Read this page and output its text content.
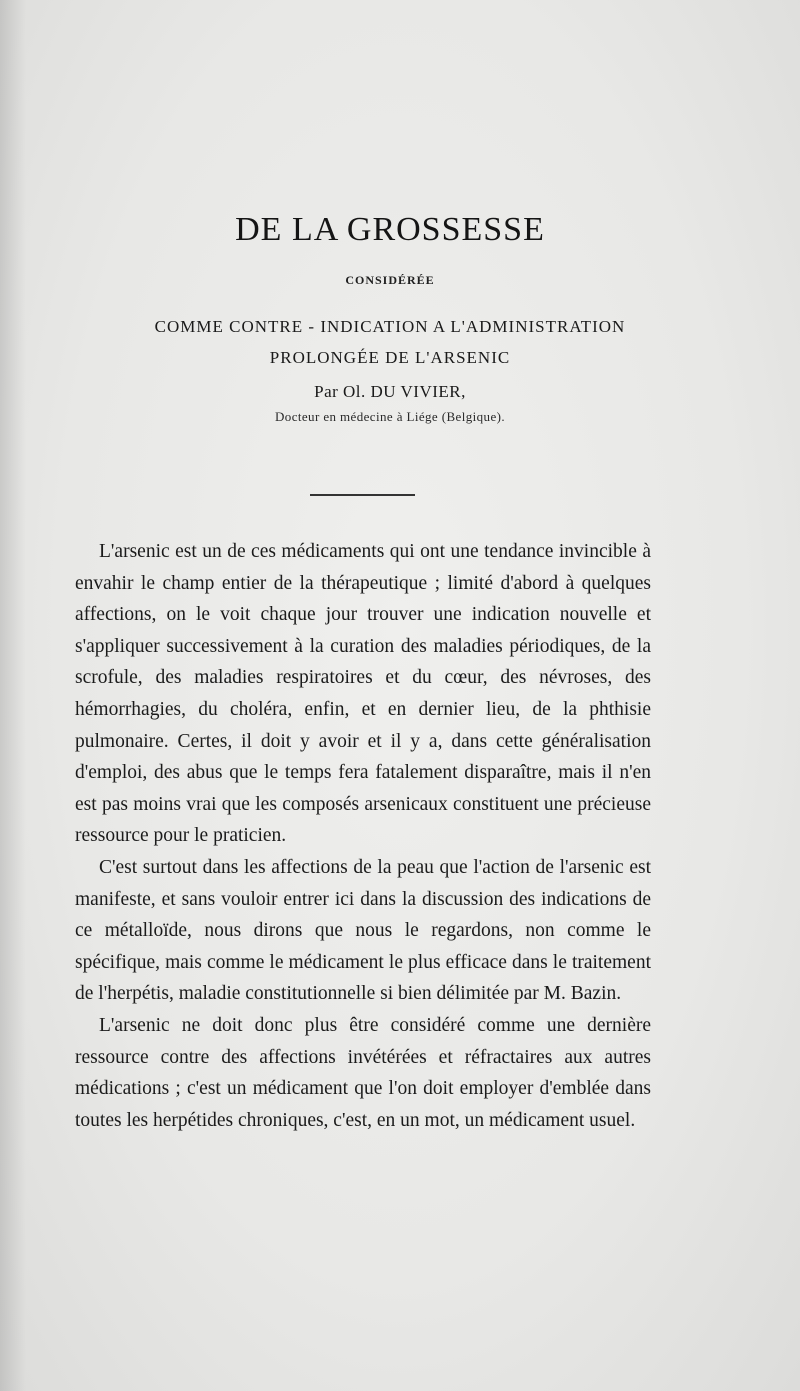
DE LA GROSSESSE
CONSIDÉRÉE
COMME CONTRE - INDICATION A L'ADMINISTRATION
PROLONGÉE DE L'ARSENIC
Par Ol. DU VIVIER,
Docteur en médecine à Liége (Belgique).

L'arsenic est un de ces médicaments qui ont une tendance invincible à envahir le champ entier de la thérapeutique ; limité d'abord à quelques affections, on le voit chaque jour trouver une indication nouvelle et s'appliquer successivement à la curation des maladies périodiques, de la scrofule, des maladies respiratoires et du cœur, des névroses, des hémorrhagies, du choléra, enfin, et en dernier lieu, de la phthisie pulmonaire. Certes, il doit y avoir et il y a, dans cette généralisation d'emploi, des abus que le temps fera fatalement disparaître, mais il n'en est pas moins vrai que les composés arsenicaux constituent une précieuse ressource pour le praticien.

C'est surtout dans les affections de la peau que l'action de l'arsenic est manifeste, et sans vouloir entrer ici dans la discussion des indications de ce métalloïde, nous dirons que nous le regardons, non comme le spécifique, mais comme le médicament le plus efficace dans le traitement de l'herpétis, maladie constitutionnelle si bien délimitée par M. Bazin.

L'arsenic ne doit donc plus être considéré comme une dernière ressource contre des affections invétérées et réfractaires aux autres médications ; c'est un médicament que l'on doit employer d'emblée dans toutes les herpétides chroniques, c'est, en un mot, un médicament usuel.
